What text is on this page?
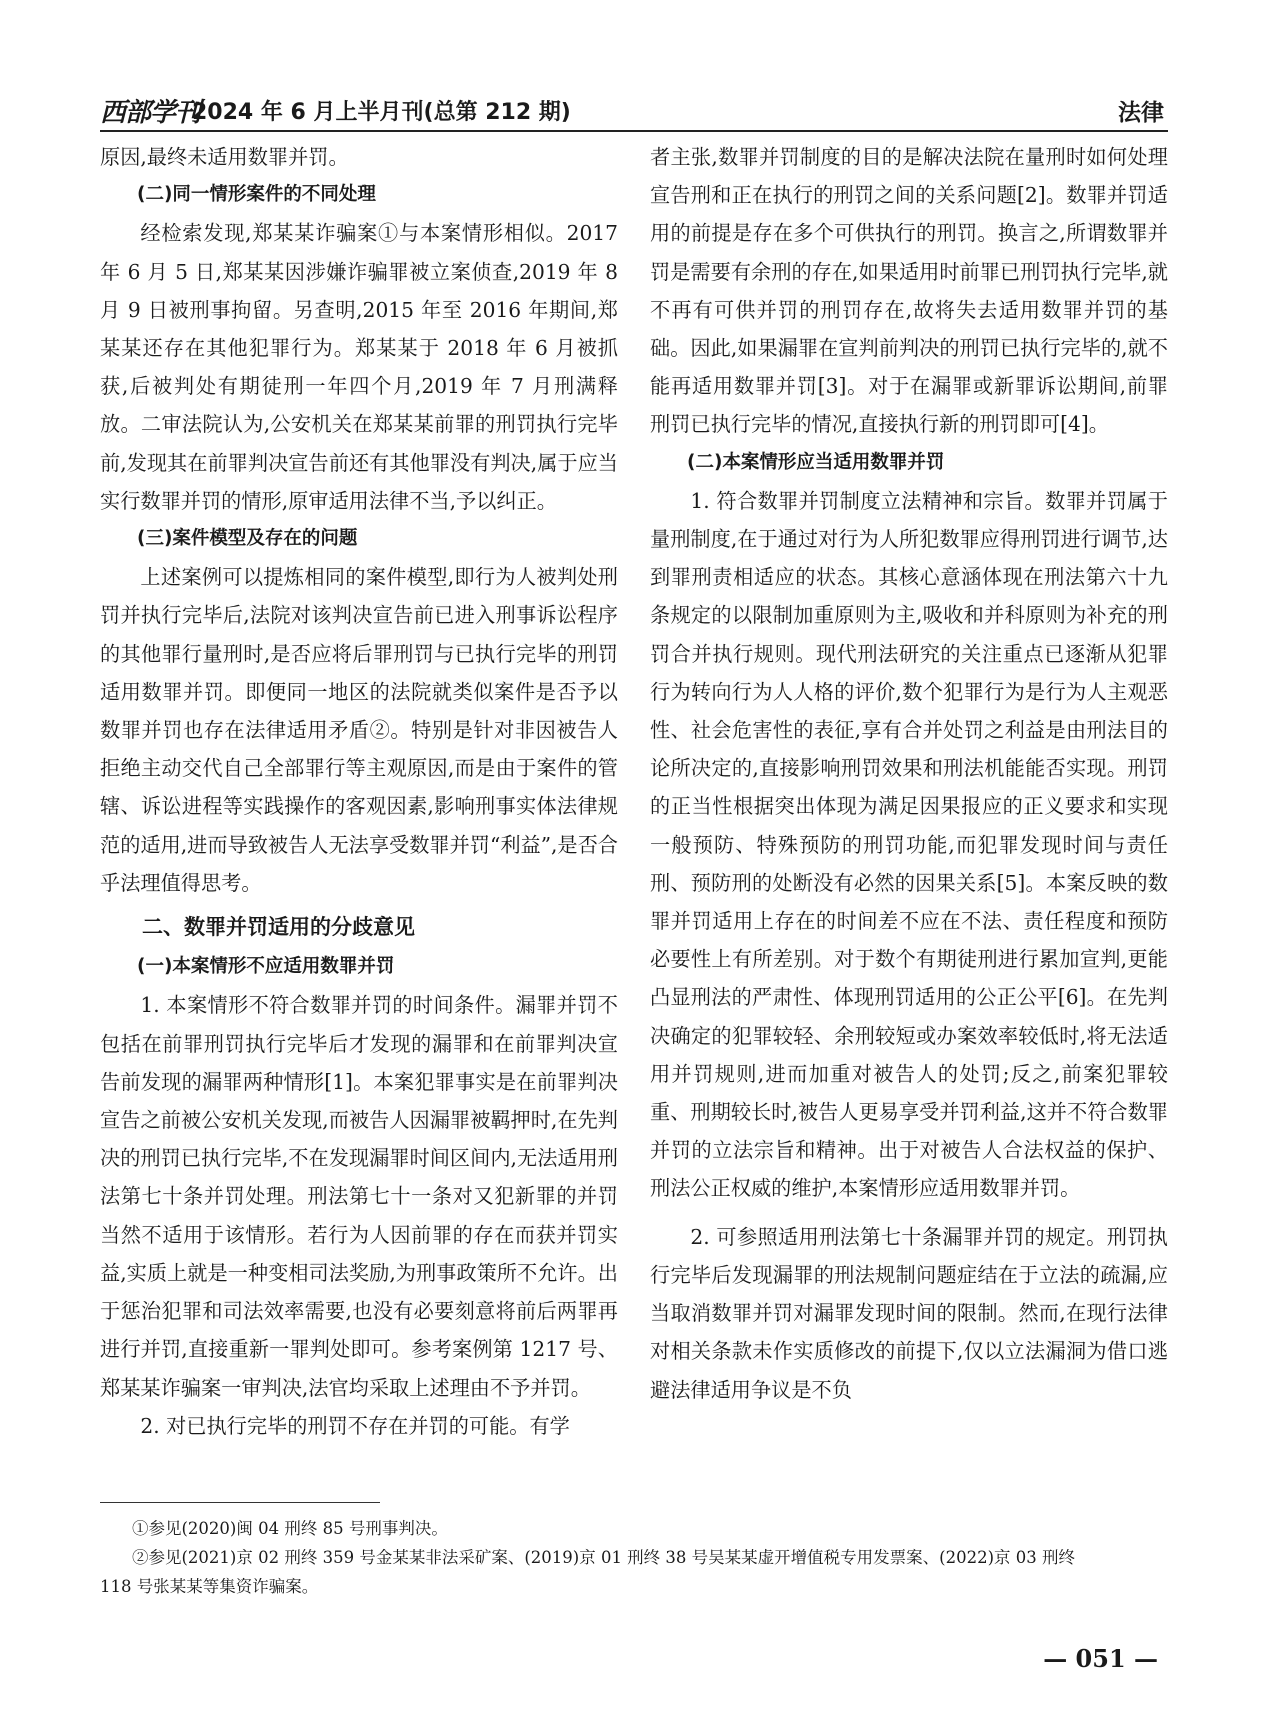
西部学刊
2024 年 6 月上半月刊(总第 212 期)	法律

原因,最终未适用数罪并罚。

(二)同一情形案件的不同处理

经检索发现,郑某某诈骗案①与本案情形相似。2017 年 6 月 5 日,郑某某因涉嫌诈骗罪被立案侦查,2019 年 8 月 9 日被刑事拘留。另查明,2015 年至 2016 年期间,郑某某还存在其他犯罪行为。郑某某于 2018 年 6 月被抓获,后被判处有期徒刑一年四个月,2019 年 7 月刑满释放。二审法院认为,公安机关在郑某某前罪的刑罚执行完毕前,发现其在前罪判决宣告前还有其他罪没有判决,属于应当实行数罪并罚的情形,原审适用法律不当,予以纠正。

(三)案件模型及存在的问题

上述案例可以提炼相同的案件模型,即行为人被判处刑罚并执行完毕后,法院对该判决宣告前已进入刑事诉讼程序的其他罪行量刑时,是否应将后罪刑罚与已执行完毕的刑罚适用数罪并罚。即便同一地区的法院就类似案件是否予以数罪并罚也存在法律适用矛盾②。特别是针对非因被告人拒绝主动交代自己全部罪行等主观原因,而是由于案件的管辖、诉讼进程等实践操作的客观因素,影响刑事实体法律规范的适用,进而导致被告人无法享受数罪并罚“利益”,是否合乎法理值得思考。

二、数罪并罚适用的分歧意见
(一)本案情形不应适用数罪并罚

1. 本案情形不符合数罪并罚的时间条件。漏罪并罚不包括在前罪刑罚执行完毕后才发现的漏罪和在前罪判决宣告前发现的漏罪两种情形[1]。本案犯罪事实是在前罪判决宣告之前被公安机关发现,而被告人因漏罪被羁押时,在先判决的刑罚已执行完毕,不在发现漏罪时间区间内,无法适用刑法第七十条并罚处理。刑法第七十一条对又犯新罪的并罚当然不适用于该情形。若行为人因前罪的存在而获并罚实益,实质上就是一种变相司法奖励,为刑事政策所不允许。出于惩治犯罪和司法效率需要,也没有必要刻意将前后两罪再进行并罚,直接重新一罪判处即可。参考案例第 1217 号、郑某某诈骗案一审判决,法官均采取上述理由不予并罚。

2. 对已执行完毕的刑罚不存在并罚的可能。有学

者主张,数罪并罚制度的目的是解决法院在量刑时如何处理宣告刑和正在执行的刑罚之间的关系问题[2]。数罪并罚适用的前提是存在多个可供执行的刑罚。换言之,所谓数罪并罚是需要有余刑的存在,如果适用时前罪已刑罚执行完毕,就不再有可供并罚的刑罚存在,故将失去适用数罪并罚的基础。因此,如果漏罪在宣判前判决的刑罚已执行完毕的,就不能再适用数罪并罚[3]。对于在漏罪或新罪诉讼期间,前罪刑罚已执行完毕的情况,直接执行新的刑罚即可[4]。

(二)本案情形应当适用数罪并罚

1. 符合数罪并罚制度立法精神和宗旨。数罪并罚属于量刑制度,在于通过对行为人所犯数罪应得刑罚进行调节,达到罪刑责相适应的状态。其核心意涵体现在刑法第六十九条规定的以限制加重原则为主,吸收和并科原则为补充的刑罚合并执行规则。现代刑法研究的关注重点已逐渐从犯罪行为转向行为人人格的评价,数个犯罪行为是行为人主观恶性、社会危害性的表征,享有合并处罚之利益是由刑法目的论所决定的,直接影响刑罚效果和刑法机能能否实现。刑罚的正当性根据突出体现为满足因果报应的正义要求和实现一般预防、特殊预防的刑罚功能,而犯罪发现时间与责任刑、预防刑的处断没有必然的因果关系[5]。本案反映的数罪并罚适用上存在的时间差不应在不法、责任程度和预防必要性上有所差别。对于数个有期徒刑进行累加宣判,更能凸显刑法的严肃性、体现刑罚适用的公正公平[6]。在先判决确定的犯罪较轻、余刑较短或办案效率较低时,将无法适用并罚规则,进而加重对被告人的处罚;反之,前案犯罪较重、刑期较长时,被告人更易享受并罚利益,这并不符合数罪并罚的立法宗旨和精神。出于对被告人合法权益的保护、刑法公正权威的维护,本案情形应适用数罪并罚。

2. 可参照适用刑法第七十条漏罪并罚的规定。刑罚执行完毕后发现漏罪的刑法规制问题症结在于立法的疏漏,应当取消数罪并罚对漏罪发现时间的限制。然而,在现行法律对相关条款未作实质修改的前提下,仅以立法漏洞为借口逃避法律适用争议是不负

①参见(2020)闽 04 刑终 85 号刑事判决。
②参见(2021)京 02 刑终 359 号金某某非法采矿案、(2019)京 01 刑终 38 号吴某某虚开增值税专用发票案、(2022)京 03 刑终
118 号张某某等集资诈骗案。
— 051 —
